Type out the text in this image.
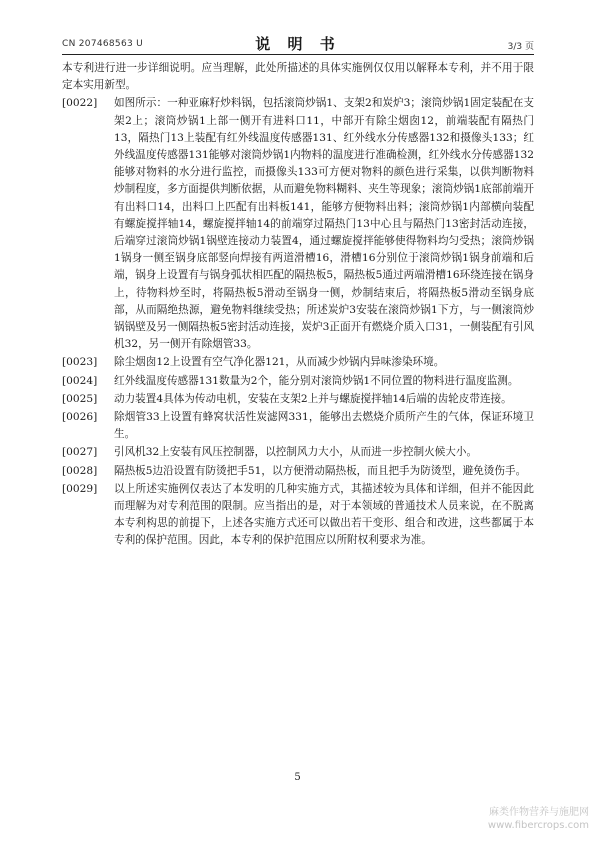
CN 207468563 U	说 明 书	3/3 页
本专利进行进一步详细说明。应当理解，此处所描述的具体实施例仅仅用以解释本专利，并不用于限定本实用新型。
[0022]	如图所示：一种亚麻籽炒料锅，包括滚筒炒锅1、支架2和炭炉3；滚筒炒锅1固定装配在支架2上；滚筒炒锅1上部一侧开有进料口11，中部开有除尘烟囱12，前端装配有隔热门13，隔热门13上装配有红外线温度传感器131、红外线水分传感器132和摄像头133；红外线温度传感器131能够对滚筒炒锅1内物料的温度进行准确检测，红外线水分传感器132能够对物料的水分进行监控，而摄像头133可方便对物料的颜色进行采集，以供判断物料炒制程度，多方面提供判断依据，从而避免物料糊料、夹生等现象；滚筒炒锅1底部前端开有出料口14，出料口上匹配有出料板141，能够方便物料出料；滚筒炒锅1内部横向装配有螺旋搅拌轴14，螺旋搅拌轴14的前端穿过隔热门13中心且与隔热门13密封活动连接，后端穿过滚筒炒锅1锅壁连接动力装置4，通过螺旋搅拌能够使得物料均匀受热；滚筒炒锅1锅身一侧至锅身底部竖向焊接有两道滑槽16，滑槽16分别位于滚筒炒锅1锅身前端和后端，锅身上设置有与锅身弧状相匹配的隔热板5，隔热板5通过两端滑槽16环绕连接在锅身上，待物料炒至时，将隔热板5滑动至锅身一侧，炒制结束后，将隔热板5滑动至锅身底部，从而隔绝热源，避免物料继续受热；所述炭炉3安装在滚筒炒锅1下方，与一侧滚筒炒锅锅壁及另一侧隔热板5密封活动连接，炭炉3正面开有燃烧介质入口31，一侧装配有引风机32，另一侧开有除烟管33。
[0023]	除尘烟囱12上设置有空气净化器121，从而减少炒锅内异味渗染环境。
[0024]	红外线温度传感器131数量为2个，能分别对滚筒炒锅1不同位置的物料进行温度监测。
[0025]	动力装置4具体为传动电机，安装在支架2上并与螺旋搅拌轴14后端的齿轮皮带连接。
[0026]	除烟管33上设置有蜂窝状活性炭滤网331，能够出去燃烧介质所产生的气体，保证环境卫生。
[0027]	引风机32上安装有风压控制器，以控制风力大小，从而进一步控制火候大小。
[0028]	隔热板5边沿设置有防烫把手51，以方便滑动隔热板，而且把手为防烫型，避免烫伤手。
[0029]	以上所述实施例仅表达了本发明的几种实施方式，其描述较为具体和详细，但并不能因此而理解为对专利范围的限制。应当指出的是，对于本领域的普通技术人员来说，在不脱离本专利构思的前提下，上述各实施方式还可以做出若干变形、组合和改进，这些都属于本专利的保护范围。因此，本专利的保护范围应以所附权利要求为准。
5
麻类作物营养与施肥网
www.fibercrops.com
